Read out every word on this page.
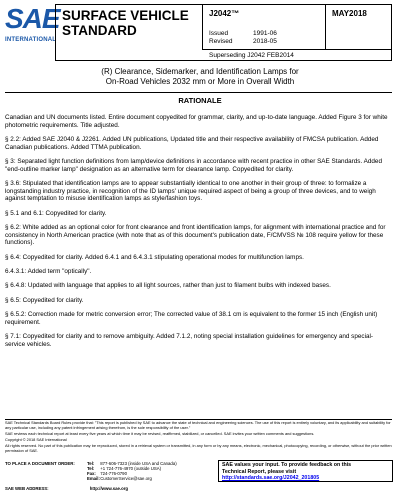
SAE
INTERNATIONAL
SURFACE VEHICLE
STANDARD
J2042™	MAY2018
Issued	1991-06
Revised	2018-05
Superseding J2042 FEB2014
(R) Clearance, Sidemarker, and Identification Lamps for
On-Road Vehicles 2032 mm or More in Overall Width
RATIONALE

Canadian and UN documents listed. Entire document copyedited for grammar, clarity, and up-to-date language. Added Figure 3 for white photometric requirements. Title adjusted.

§ 2.2: Added SAE J2040 & J2261. Added UN publications, Updated title and their respective availability of FMCSA publication. Added Canadian publications. Added TTMA publication.

§ 3: Separated light function definitions from lamp/device definitions in accordance with recent practice in other SAE Standards. Added "end-outline marker lamp" designation as an alternative term for clearance lamp. Copyedited for clarity.

§ 3.6: Stipulated that identification lamps are to appear substantially identical to one another in their group of three: to formalize a longstanding industry practice, in recognition of the ID lamps' unique required aspect of being a group of three devices, and to weigh against temptation to misuse identification lamps as style/fashion toys.

§ 5.1 and 6.1: Copyedited for clarity.

§ 6.2: White added as an optional color for front clearance and front identification lamps, for alignment with international practice and for consistency in North American practice (with note that as of this document's publication date, F/CMVSS № 108 require yellow for these functions).

§ 6.4: Copyedited for clarity. Added 6.4.1 and 6.4.3.1 stipulating operational modes for multifunction lamps.

6.4.3.1: Added term "optically".

§ 6.4.8: Updated with language that applies to all light sources, rather than just to filament bulbs with indexed bases.

§ 6.5: Copyedited for clarity.

§ 6.5.2: Correction made for metric conversion error; The corrected value of 38.1 cm is equivalent to the former 15 inch (English unit) requirement.

§ 7.1: Copyedited for clarity and to remove ambiguity. Added 7.1.2, noting special installation guidelines for emergency and special-service vehicles.

SAE Technical Standards Board Rules provide that: "This report is published by SAE to advance the state of technical and engineering sciences. The use of this report is entirely voluntary, and its applicability and suitability for any particular use, including any patent infringement arising therefrom, is the sole responsibility of the user."

SAE reviews each technical report at least every five years at which time it may be revised, reaffirmed, stabilized, or cancelled. SAE invites your written comments and suggestions.

Copyright © 2018 SAE International

All rights reserved. No part of this publication may be reproduced, stored in a retrieval system or transmitted, in any form or by any means, electronic, mechanical, photocopying, recording, or otherwise, without the prior written permission of SAE.

TO PLACE A DOCUMENT ORDER:	Tel: 877-606-7323 (inside USA and Canada)
Tel: +1 724-776-4970 (outside USA)
Fax: 724-776-0790
Email: CustomerService@sae.org
SAE WEB ADDRESS:	http://www.sae.org
SAE values your input. To provide feedback on this
Technical Report, please visit
http://standards.sae.org/J2042_201805
